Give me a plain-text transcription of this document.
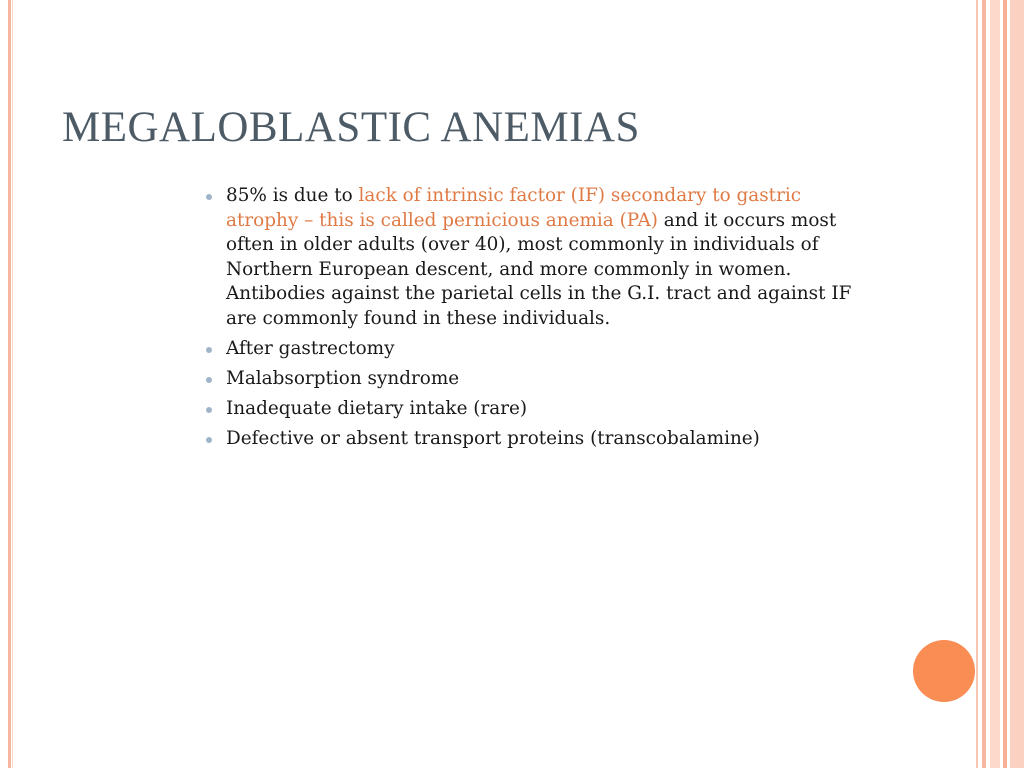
MEGALOBLASTIC ANEMIAS
85% is due to lack of intrinsic factor (IF) secondary to gastric atrophy – this is called pernicious anemia (PA) and it occurs most often in older adults (over 40), most commonly in individuals of Northern European descent, and more commonly in women. Antibodies against the parietal cells in the G.I. tract and against IF are commonly found in these individuals.
After gastrectomy
Malabsorption syndrome
Inadequate dietary intake (rare)
Defective or absent transport proteins (transcobalamine)
